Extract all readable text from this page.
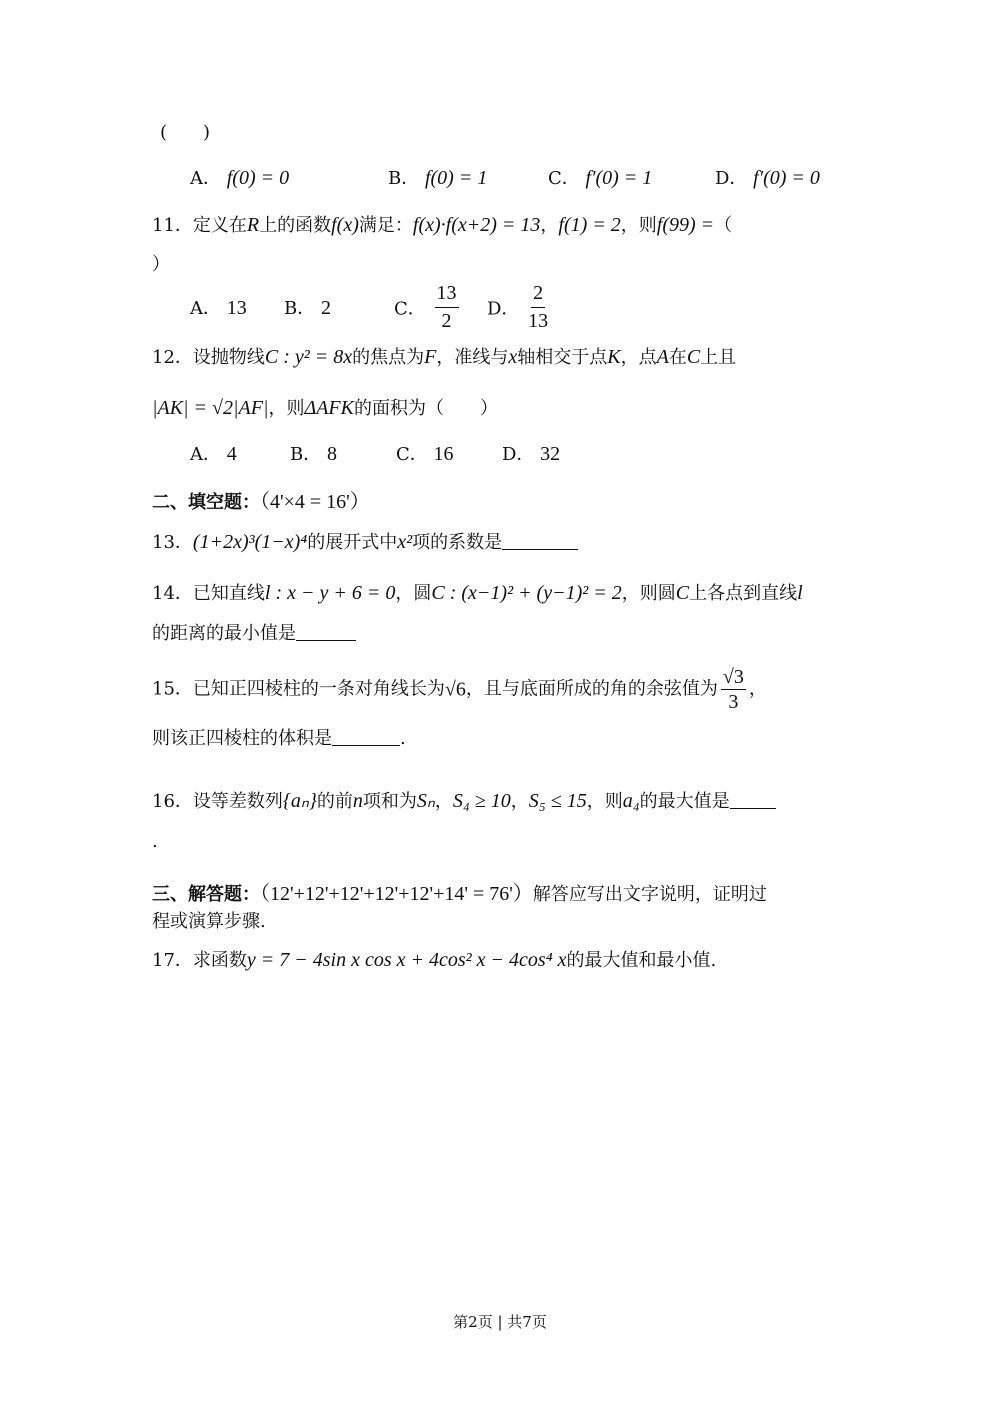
(　　)
A． f(0) = 0	B． f(0) = 1	C． f′(0) = 1	D． f′(0) = 0
11．定义在R上的函数f(x)满足：f(x)·f(x+2) = 13，f(1) = 2，则f(99) =（
）
A． 13 B． 2	C． $\frac{13}{2}$ D． $\frac{2}{13}$
12．设抛物线C : y² = 8x的焦点为F，准线与x轴相交于点K，点A在C上且
|AK| = √2|AF|，则ΔAFK的面积为（　　）
A． 4	B． 8	C． 16	D． 32
二、填空题：（4'×4 = 16'）
13．(1+2x)³(1−x)⁴的展开式中x²项的系数是
14．已知直线l : x − y + 6 = 0，圆C : (x−1)² + (y−1)² = 2，则圆C上各点到直线l
的距离的最小值是
15．已知正四棱柱的一条对角线长为√6，且与底面所成的角的余弦值为 $\frac{√3}{3}$ ，
则该正四棱柱的体积是	.
16．设等差数列{aₙ}的前n项和为Sₙ，S₄ ≥ 10，S₅ ≤ 15，则a₄的最大值是
.
三、解答题：（12'+12'+12'+12'+12'+14' = 76'）解答应写出文字说明，证明过
程或演算步骤.
17．求函数y = 7 − 4sin x cos x + 4cos² x − 4cos⁴ x的最大值和最小值.
第2页 | 共7页
